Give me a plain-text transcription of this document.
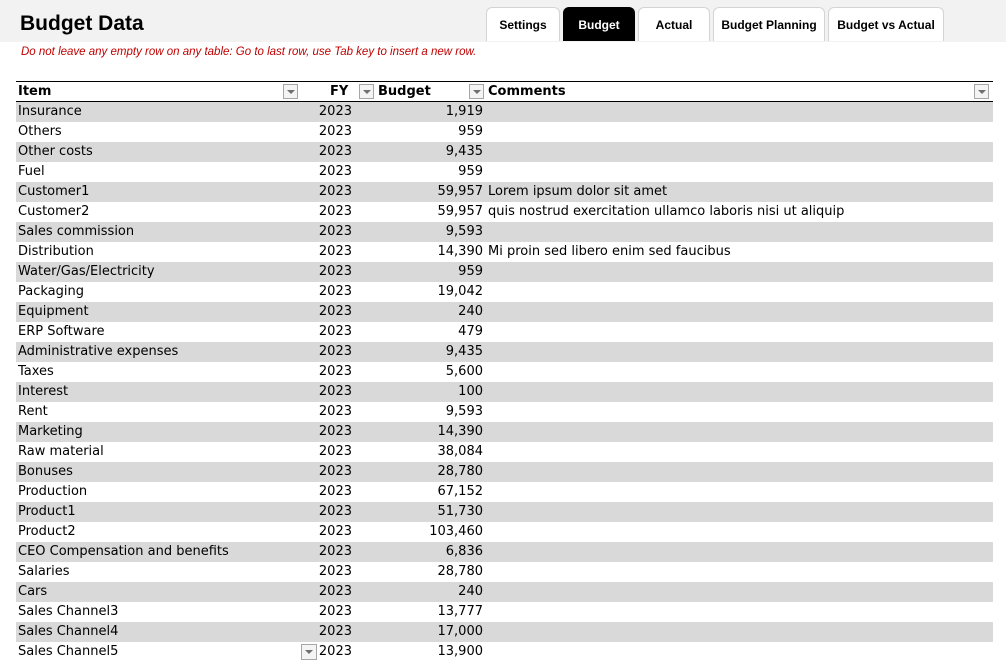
Budget Data	Settings	Budget	Actual	Budget Planning	Budget vs Actual
Do not leave any empty row on any table: Go to last row, use Tab key to insert a new row.
Item	FY Budget	Comments
Insurance	2023	1,919
Others	2023	959
Other costs	2023	9,435
Fuel	2023	959
Customer1	2023	59,957 Lorem ipsum dolor sit amet
Customer2	2023	59,957 quis nostrud exercitation ullamco laboris nisi ut aliquip
Sales commission	2023	9,593
Distribution	2023	14,390 Mi proin sed libero enim sed faucibus
Water/Gas/Electricity	2023	959
Packaging	2023	19,042
Equipment	2023	240
ERP Software	2023	479
Administrative expenses	2023	9,435
Taxes	2023	5,600
Interest	2023	100
Rent	2023	9,593
Marketing	2023	14,390
Raw material	2023	38,084
Bonuses	2023	28,780
Production	2023	67,152
Product1	2023	51,730
Product2	2023	103,460
CEO Compensation and benefits	2023	6,836
Salaries	2023	28,780
Cars	2023	240
Sales Channel3	2023	13,777
Sales Channel4	2023	17,000
Sales Channel5	2023	13,900
